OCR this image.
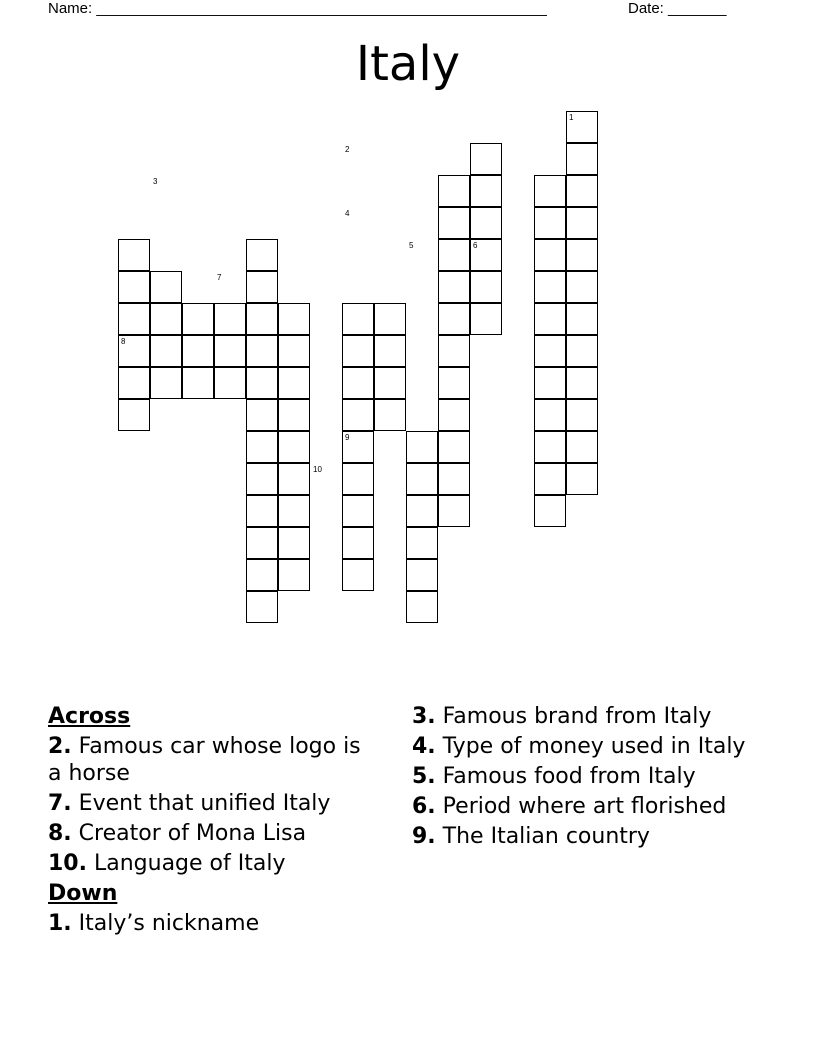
Name: ______________________________________________________	Date: _______
Italy
1
2
3
4
5	6
7
8
9
10
Across
2. Famous car whose logo is a horse
7. Event that unified Italy
8. Creator of Mona Lisa
10. Language of Italy
Down
1. Italy’s nickname
3. Famous brand from Italy
4. Type of money used in Italy
5. Famous food from Italy
6. Period where art florished
9. The Italian country
